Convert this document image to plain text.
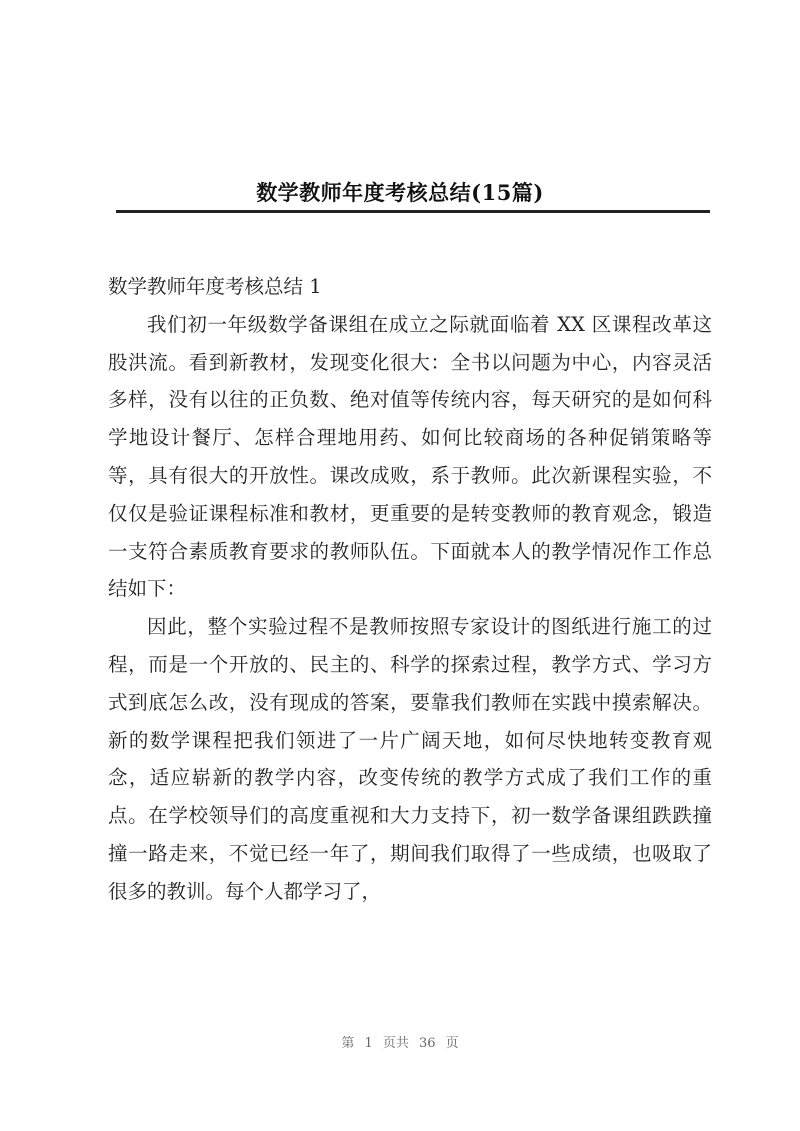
数学教师年度考核总结(15篇)

数学教师年度考核总结 1

我们初一年级数学备课组在成立之际就面临着 XX 区课程改革这股洪流。看到新教材，发现变化很大：全书以问题为中心，内容灵活多样，没有以往的正负数、绝对值等传统内容，每天研究的是如何科学地设计餐厅、怎样合理地用药、如何比较商场的各种促销策略等等，具有很大的开放性。课改成败，系于教师。此次新课程实验，不仅仅是验证课程标准和教材，更重要的是转变教师的教育观念，锻造一支符合素质教育要求的教师队伍。下面就本人的教学情况作工作总结如下：

因此，整个实验过程不是教师按照专家设计的图纸进行施工的过程，而是一个开放的、民主的、科学的探索过程，教学方式、学习方式到底怎么改，没有现成的答案，要靠我们教师在实践中摸索解决。新的数学课程把我们领进了一片广阔天地，如何尽快地转变教育观念，适应崭新的教学内容，改变传统的教学方式成了我们工作的重点。在学校领导们的高度重视和大力支持下，初一数学备课组跌跌撞撞一路走来，不觉已经一年了，期间我们取得了一些成绩，也吸取了很多的教训。每个人都学习了，

第 1 页共 36 页
